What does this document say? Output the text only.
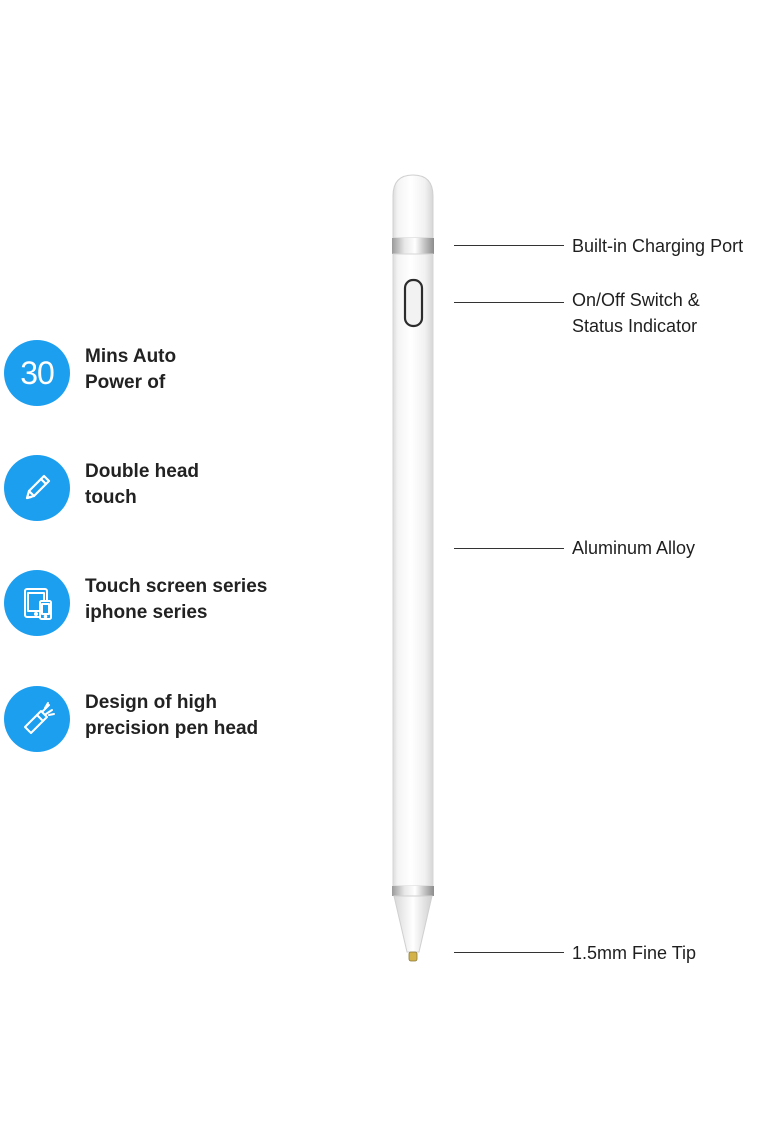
30 Mins Auto
Power of
Double head
touch
Touch screen series
iphone series
Design of high
precision pen head
Built-in Charging Port
On/Off Switch &
Status Indicator
Aluminum Alloy
1.5mm Fine Tip
